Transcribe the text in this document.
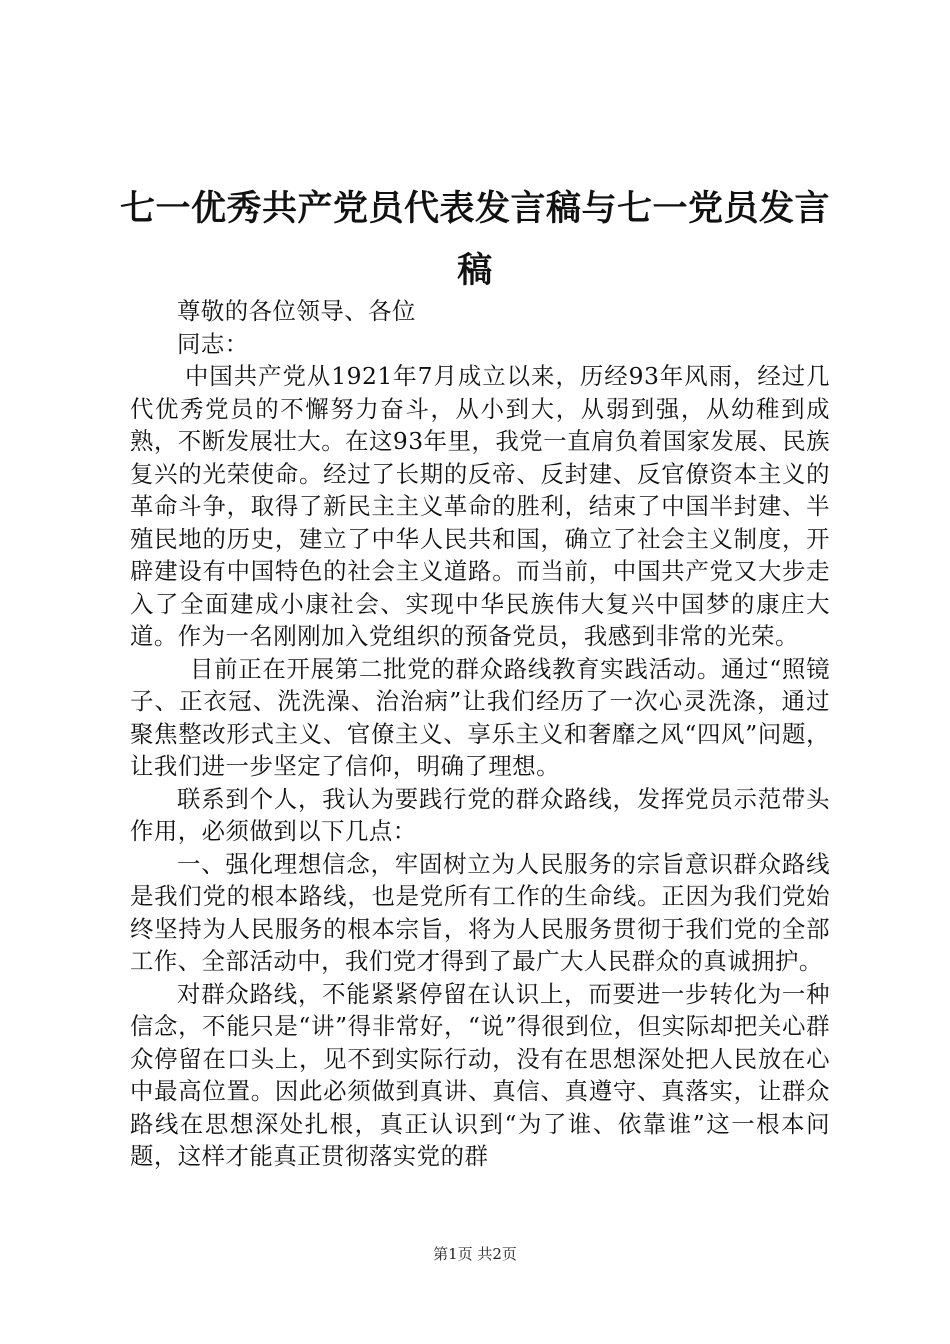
七一优秀共产党员代表发言稿与七一党员发言稿

尊敬的各位领导、各位

同志：

中国共产党从1921年7月成立以来，历经93年风雨，经过几代优秀党员的不懈努力奋斗，从小到大，从弱到强，从幼稚到成熟，不断发展壮大。在这93年里，我党一直肩负着国家发展、民族复兴的光荣使命。经过了长期的反帝、反封建、反官僚资本主义的革命斗争，取得了新民主主义革命的胜利，结束了中国半封建、半殖民地的历史，建立了中华人民共和国，确立了社会主义制度，开辟建设有中国特色的社会主义道路。而当前，中国共产党又大步走入了全面建成小康社会、实现中华民族伟大复兴中国梦的康庄大道。作为一名刚刚加入党组织的预备党员，我感到非常的光荣。

目前正在开展第二批党的群众路线教育实践活动。通过“照镜子、正衣冠、洗洗澡、治治病”让我们经历了一次心灵洗涤，通过聚焦整改形式主义、官僚主义、享乐主义和奢靡之风“四风”问题，让我们进一步坚定了信仰，明确了理想。

联系到个人，我认为要践行党的群众路线，发挥党员示范带头作用，必须做到以下几点：

一、强化理想信念，牢固树立为人民服务的宗旨意识群众路线是我们党的根本路线，也是党所有工作的生命线。正因为我们党始终坚持为人民服务的根本宗旨，将为人民服务贯彻于我们党的全部工作、全部活动中，我们党才得到了最广大人民群众的真诚拥护。

对群众路线，不能紧紧停留在认识上，而要进一步转化为一种信念，不能只是“讲”得非常好，“说”得很到位，但实际却把关心群众停留在口头上，见不到实际行动，没有在思想深处把人民放在心中最高位置。因此必须做到真讲、真信、真遵守、真落实，让群众路线在思想深处扎根，真正认识到“为了谁、依靠谁”这一根本问题，这样才能真正贯彻落实党的群

第1页 共2页
